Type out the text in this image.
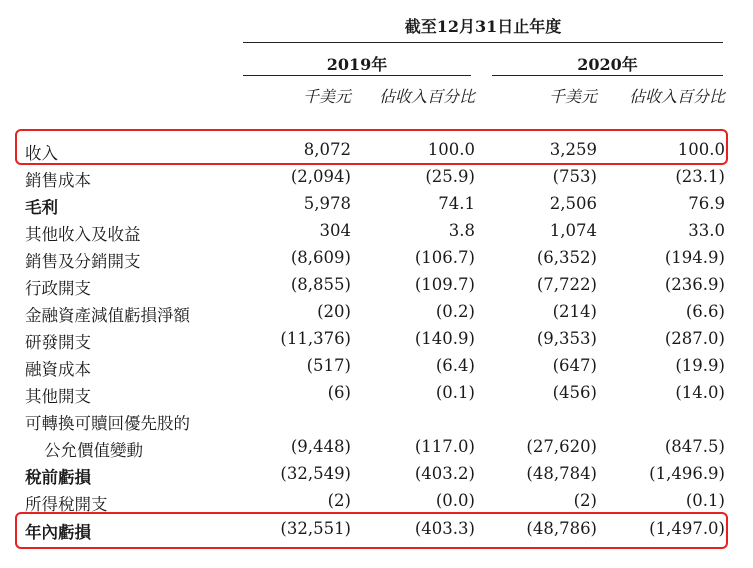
截至12月31日止年度
2019年	2020年
千美元 佔收入百分比	千美元 佔收入百分比
收入	8,072	100.0	3,259	100.0
銷售成本	(2,094)	(25.9)	(753)	(23.1)
毛利	5,978	74.1	2,506	76.9
其他收入及收益	304	3.8	1,074	33.0
銷售及分銷開支	(8,609)	(106.7)	(6,352)	(194.9)
行政開支	(8,855)	(109.7)	(7,722)	(236.9)
金融資產減值虧損淨額	(20)	(0.2)	(214)	(6.6)
研發開支	(11,376)	(140.9)	(9,353)	(287.0)
融資成本	(517)	(6.4)	(647)	(19.9)
其他開支	(6)	(0.1)	(456)	(14.0)
可轉換可贖回優先股的
公允價值變動	(9,448)	(117.0)	(27,620)	(847.5)
稅前虧損	(32,549)	(403.2)	(48,784)	(1,496.9)
所得稅開支	(2)	(0.0)	(2)	(0.1)
年內虧損	(32,551)	(403.3)	(48,786)	(1,497.0)
